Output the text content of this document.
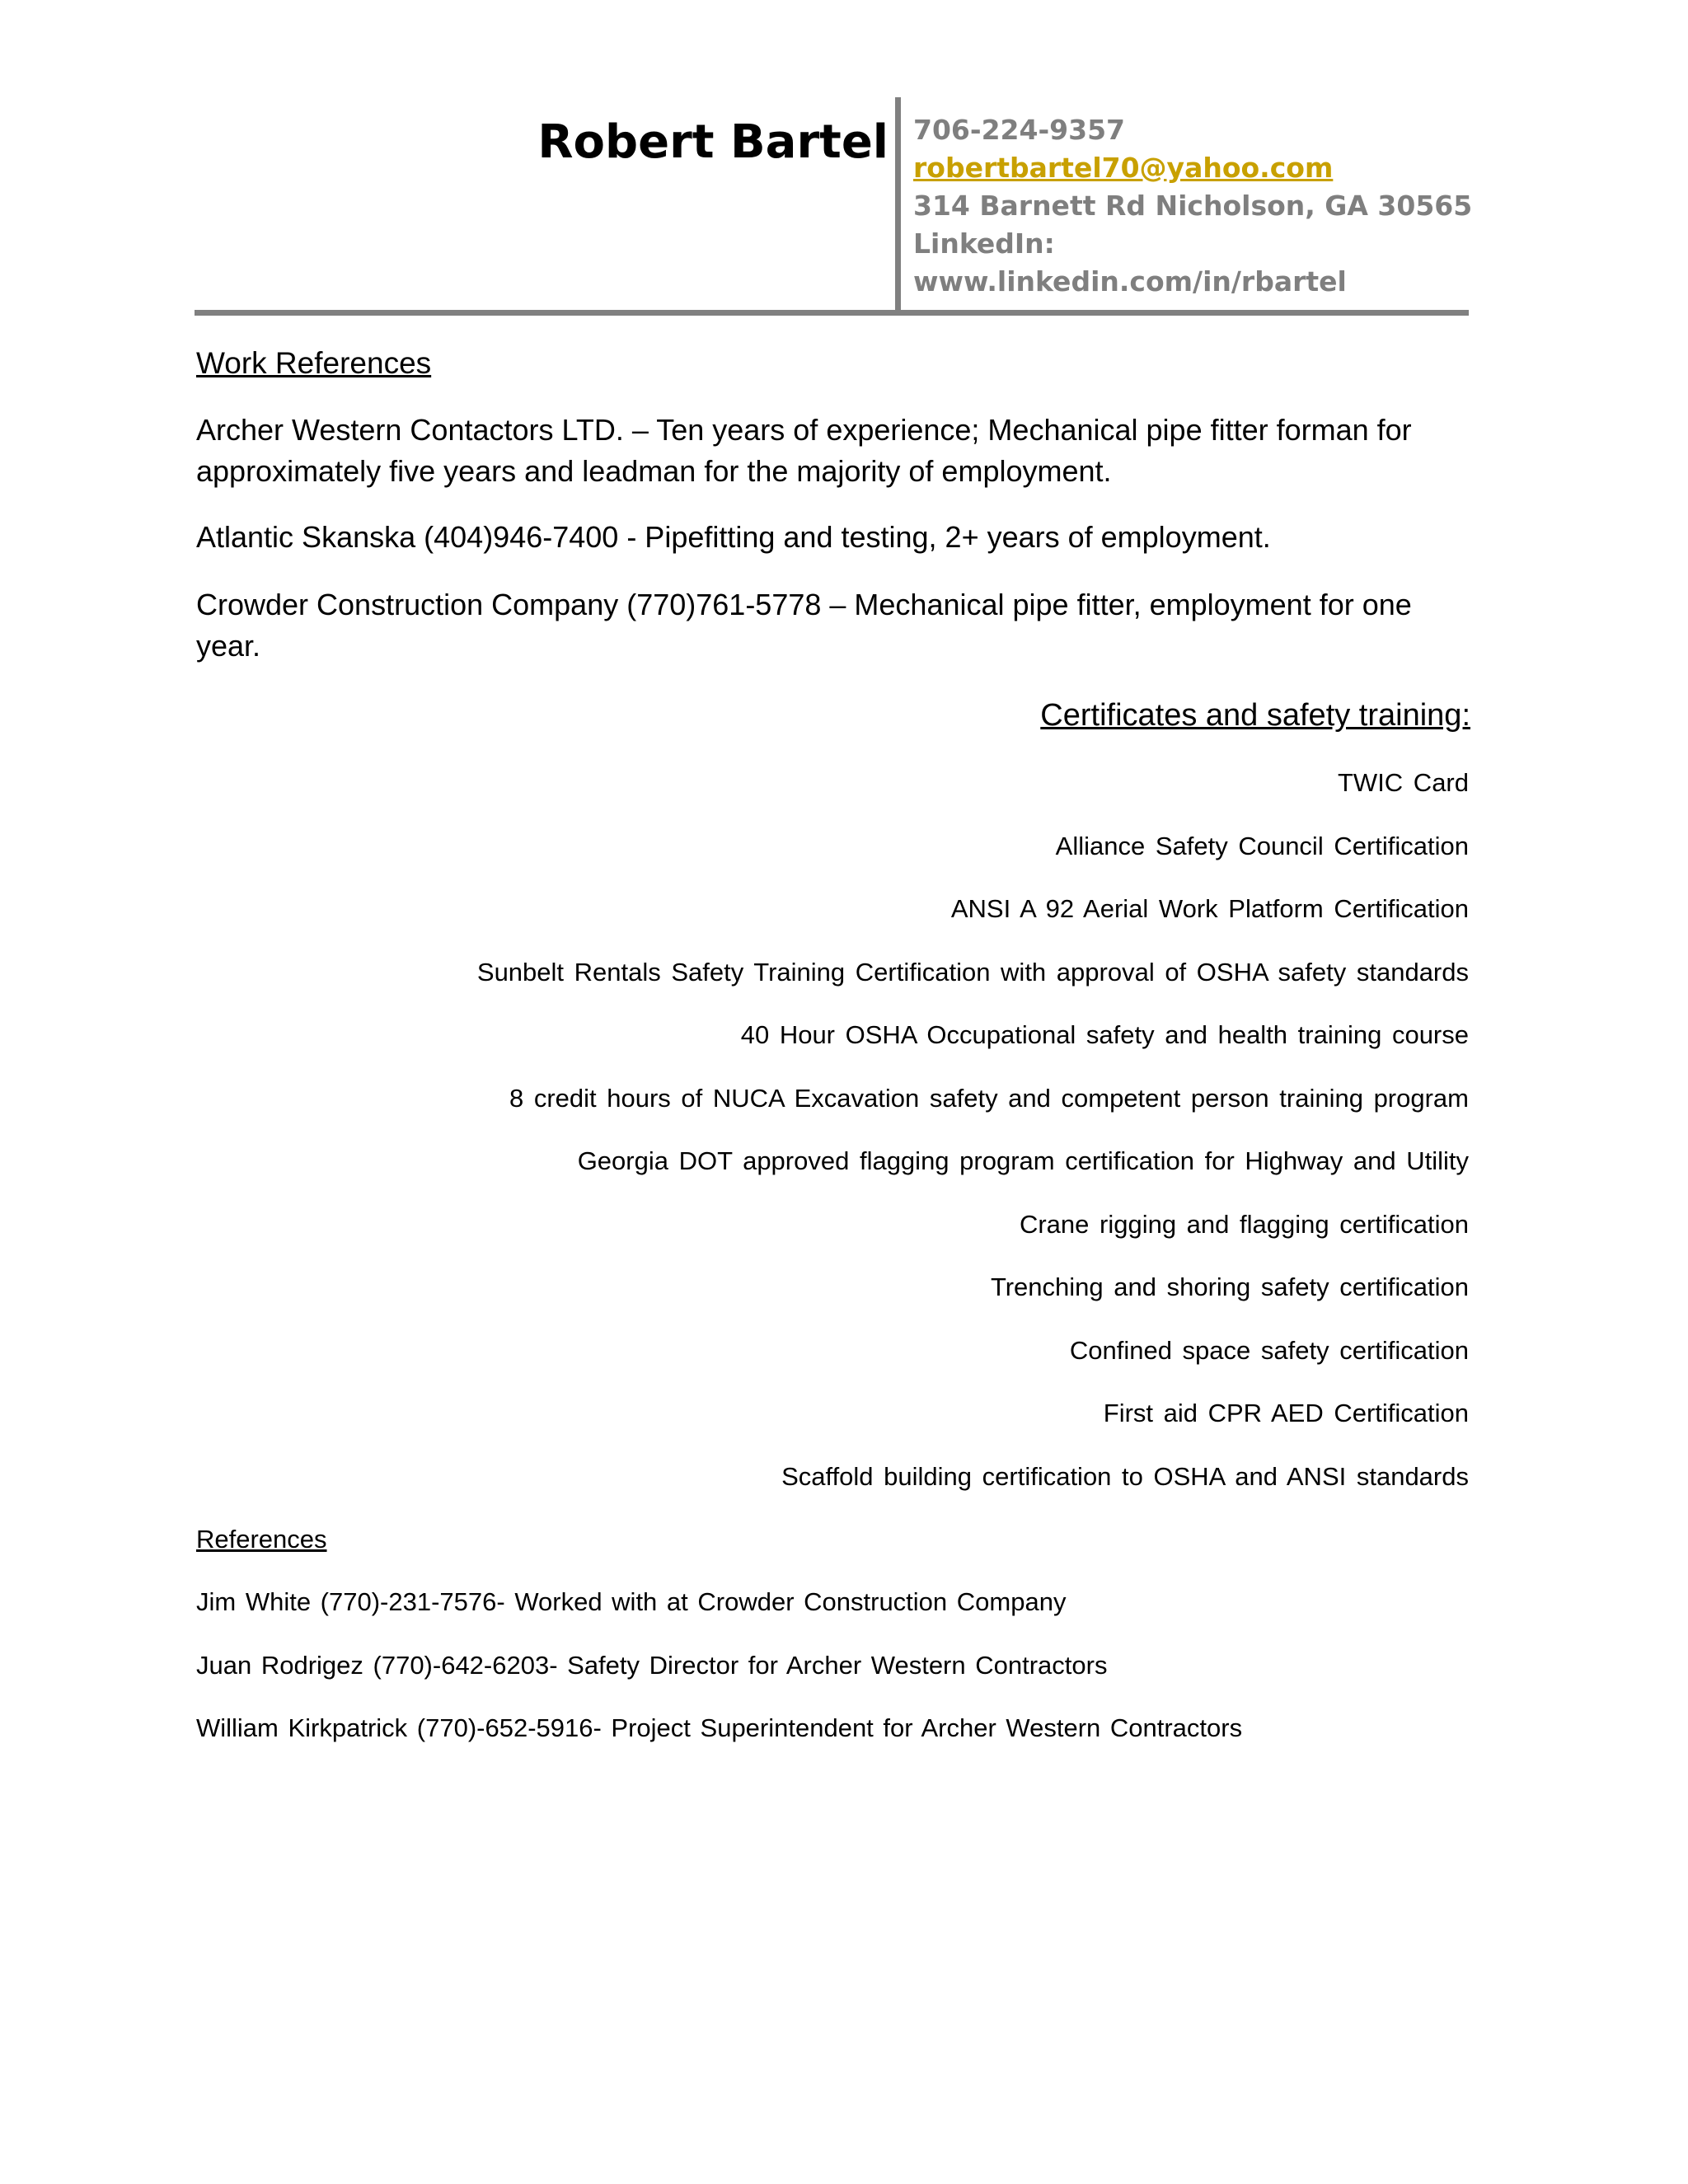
Robert Bartel 706-224-9357
robertbartel70@yahoo.com
314 Barnett Rd Nicholson, GA 30565
LinkedIn:
www.linkedin.com/in/rbartel
Work References
Archer Western Contactors LTD. – Ten years of experience; Mechanical pipe fitter forman for approximately five years and leadman for the majority of employment.
Atlantic Skanska (404)946-7400 - Pipefitting and testing, 2+ years of employment.
Crowder Construction Company (770)761-5778 – Mechanical pipe fitter, employment for one year.
Certificates and safety training:
TWIC Card
Alliance Safety Council Certification
ANSI A 92 Aerial Work Platform Certification
Sunbelt Rentals Safety Training Certification with approval of OSHA safety standards
40 Hour OSHA Occupational safety and health training course
8 credit hours of NUCA Excavation safety and competent person training program
Georgia DOT approved flagging program certification for Highway and Utility
Crane rigging and flagging certification
Trenching and shoring safety certification
Confined space safety certification
First aid CPR AED Certification
Scaffold building certification to OSHA and ANSI standards
References
Jim White (770)-231-7576- Worked with at Crowder Construction Company
Juan Rodrigez (770)-642-6203- Safety Director for Archer Western Contractors
William Kirkpatrick (770)-652-5916- Project Superintendent for Archer Western Contractors
